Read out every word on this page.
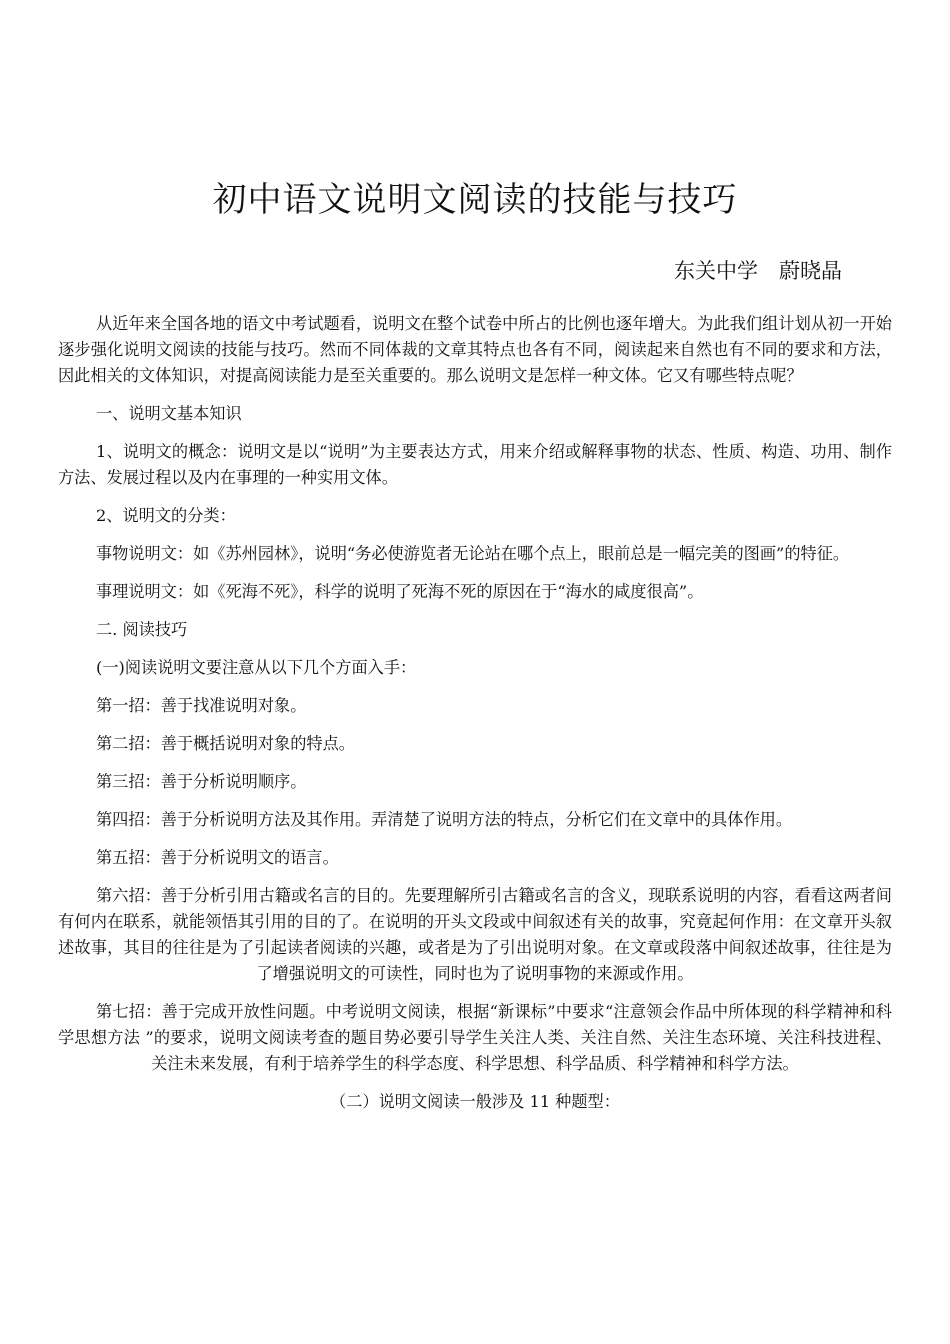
初中语文说明文阅读的技能与技巧
东关中学　蔚晓晶

从近年来全国各地的语文中考试题看，说明文在整个试卷中所占的比例也逐年增大。为此我们组计划从初一开始逐步强化说明文阅读的技能与技巧。然而不同体裁的文章其特点也各有不同，阅读起来自然也有不同的要求和方法，因此相关的文体知识，对提高阅读能力是至关重要的。那么说明文是怎样一种文体。它又有哪些特点呢？

一、说明文基本知识

1、说明文的概念：说明文是以“说明”为主要表达方式，用来介绍或解释事物的状态、性质、构造、功用、制作方法、发展过程以及内在事理的一种实用文体。

2、说明文的分类：

事物说明文：如《苏州园林》，说明“务必使游览者无论站在哪个点上，眼前总是一幅完美的图画”的特征。

事理说明文：如《死海不死》，科学的说明了死海不死的原因在于“海水的咸度很高”。

二. 阅读技巧

(一)阅读说明文要注意从以下几个方面入手：

第一招：善于找准说明对象。

第二招：善于概括说明对象的特点。

第三招：善于分析说明顺序。

第四招：善于分析说明方法及其作用。弄清楚了说明方法的特点，分析它们在文章中的具体作用。

第五招：善于分析说明文的语言。

第六招：善于分析引用古籍或名言的目的。先要理解所引古籍或名言的含义，现联系说明的内容，看看这两者间有何内在联系，就能领悟其引用的目的了。在说明的开头文段或中间叙述有关的故事，究竟起何作用：在文章开头叙述故事，其目的往往是为了引起读者阅读的兴趣，或者是为了引出说明对象。在文章或段落中间叙述故事，往往是为了增强说明文的可读性，同时也为了说明事物的来源或作用。

第七招：善于完成开放性问题。中考说明文阅读，根据“新课标”中要求“注意领会作品中所体现的科学精神和科学思想方法 ”的要求，说明文阅读考查的题目势必要引导学生关注人类、关注自然、关注生态环境、关注科技进程、关注未来发展，有利于培养学生的科学态度、科学思想、科学品质、科学精神和科学方法。

（二）说明文阅读一般涉及 11 种题型：
